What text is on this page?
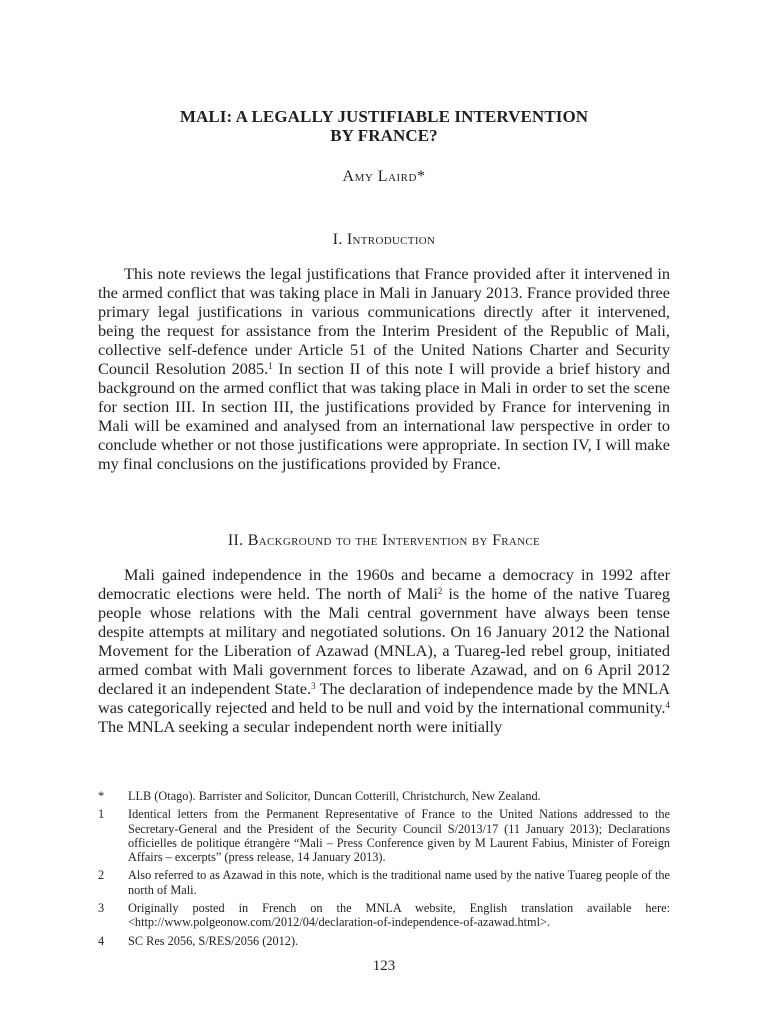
MALI: A LEGALLY JUSTIFIABLE INTERVENTION
BY FRANCE?
Amy Laird*
I. Introduction

This note reviews the legal justifications that France provided after it intervened in the armed conflict that was taking place in Mali in January 2013. France provided three primary legal justifications in various communications directly after it intervened, being the request for assistance from the Interim President of the Republic of Mali, collective self-defence under Article 51 of the United Nations Charter and Security Council Resolution 2085.$^1$ In section II of this note I will provide a brief history and background on the armed conflict that was taking place in Mali in order to set the scene for section III. In section III, the justifications provided by France for intervening in Mali will be examined and analysed from an international law perspective in order to conclude whether or not those justifications were appropriate. In section IV, I will make my final conclusions on the justifications provided by France.

II. Background to the Intervention by France

Mali gained independence in the 1960s and became a democracy in 1992 after democratic elections were held. The north of Mali$^2$ is the home of the native Tuareg people whose relations with the Mali central government have always been tense despite attempts at military and negotiated solutions. On 16 January 2012 the National Movement for the Liberation of Azawad (MNLA), a Tuareg-led rebel group, initiated armed combat with Mali government forces to liberate Azawad, and on 6 April 2012 declared it an independent State.$^3$ The declaration of independence made by the MNLA was categorically rejected and held to be null and void by the international community.$^4$ The MNLA seeking a secular independent north were initially

*	LLB (Otago). Barrister and Solicitor, Duncan Cotterill, Christchurch, New Zealand.
1	Identical letters from the Permanent Representative of France to the United Nations addressed to the Secretary-General and the President of the Security Council S/2013/17 (11 January 2013); Declarations officielles de politique étrangère “Mali – Press Conference given by M Laurent Fabius, Minister of Foreign Affairs – excerpts” (press release, 14 January 2013).
2	Also referred to as Azawad in this note, which is the traditional name used by the native Tuareg people of the north of Mali.
3	Originally posted in French on the MNLA website, English translation available here: <http://www.polgeonow.com/2012/04/declaration-of-independence-of-azawad.html>.
4	SC Res 2056, S/RES/2056 (2012).
123
